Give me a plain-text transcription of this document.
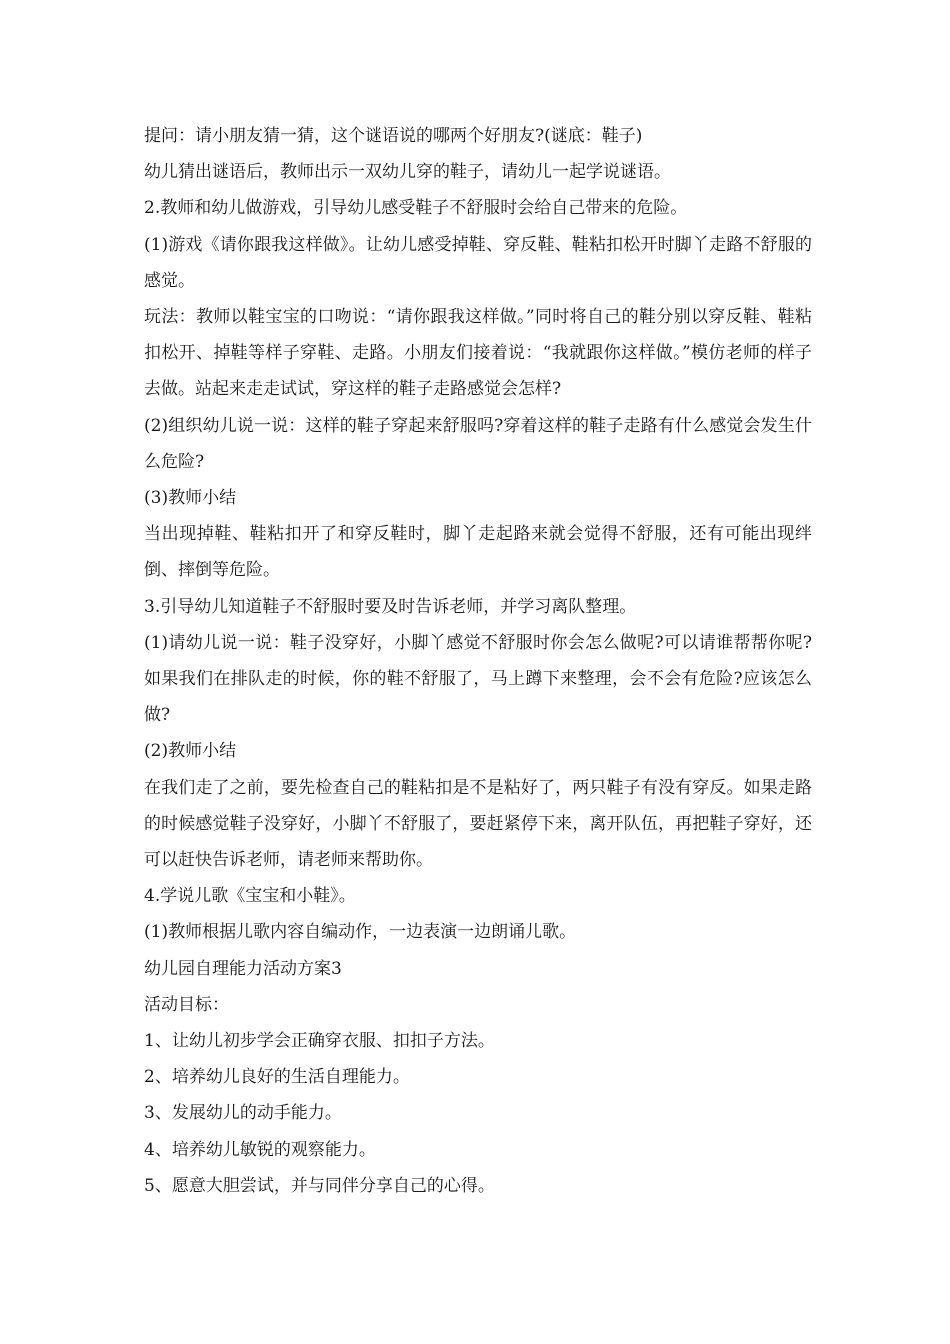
提问：请小朋友猜一猜，这个谜语说的哪两个好朋友?(谜底：鞋子)

幼儿猜出谜语后，教师出示一双幼儿穿的鞋子，请幼儿一起学说谜语。

2.教师和幼儿做游戏，引导幼儿感受鞋子不舒服时会给自己带来的危险。

(1)游戏《请你跟我这样做》。让幼儿感受掉鞋、穿反鞋、鞋粘扣松开时脚丫走路不舒服的感觉。

玩法：教师以鞋宝宝的口吻说：“请你跟我这样做。”同时将自己的鞋分别以穿反鞋、鞋粘扣松开、掉鞋等样子穿鞋、走路。小朋友们接着说：“我就跟你这样做。”模仿老师的样子去做。站起来走走试试，穿这样的鞋子走路感觉会怎样?

(2)组织幼儿说一说：这样的鞋子穿起来舒服吗?穿着这样的鞋子走路有什么感觉会发生什么危险?

(3)教师小结

当出现掉鞋、鞋粘扣开了和穿反鞋时，脚丫走起路来就会觉得不舒服，还有可能出现绊倒、摔倒等危险。

3.引导幼儿知道鞋子不舒服时要及时告诉老师，并学习离队整理。

(1)请幼儿说一说：鞋子没穿好，小脚丫感觉不舒服时你会怎么做呢?可以请谁帮帮你呢?如果我们在排队走的时候，你的鞋不舒服了，马上蹲下来整理，会不会有危险?应该怎么做?

(2)教师小结

在我们走了之前，要先检查自己的鞋粘扣是不是粘好了，两只鞋子有没有穿反。如果走路的时候感觉鞋子没穿好，小脚丫不舒服了，要赶紧停下来，离开队伍，再把鞋子穿好，还可以赶快告诉老师，请老师来帮助你。

4.学说儿歌《宝宝和小鞋》。

(1)教师根据儿歌内容自编动作，一边表演一边朗诵儿歌。

幼儿园自理能力活动方案3

活动目标：

1、让幼儿初步学会正确穿衣服、扣扣子方法。

2、培养幼儿良好的生活自理能力。

3、发展幼儿的动手能力。

4、培养幼儿敏锐的观察能力。

5、愿意大胆尝试，并与同伴分享自己的心得。
